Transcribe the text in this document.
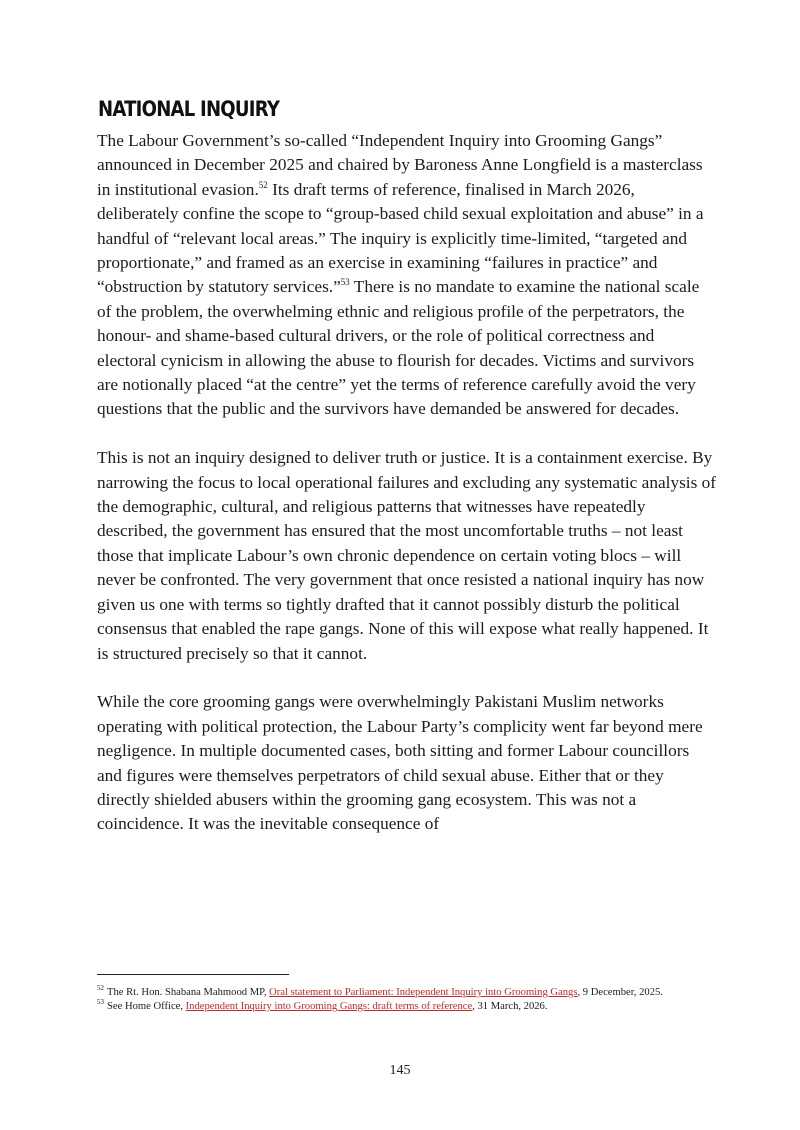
NATIONAL INQUIRY

The Labour Government’s so-called “Independent Inquiry into Grooming Gangs” announced in December 2025 and chaired by Baroness Anne Longfield is a masterclass in institutional evasion.$^{52}$ Its draft terms of reference, finalised in March 2026, deliberately confine the scope to “group-based child sexual exploitation and abuse” in a handful of “relevant local areas.” The inquiry is explicitly time-limited, “targeted and proportionate,” and framed as an exercise in examining “failures in practice” and “obstruction by statutory services.”$^{53}$ There is no mandate to examine the national scale of the problem, the overwhelming ethnic and religious profile of the perpetrators, the honour- and shame-based cultural drivers, or the role of political correctness and electoral cynicism in allowing the abuse to flourish for decades. Victims and survivors are notionally placed “at the centre” yet the terms of reference carefully avoid the very questions that the public and the survivors have demanded be answered for decades.

This is not an inquiry designed to deliver truth or justice. It is a containment exercise. By narrowing the focus to local operational failures and excluding any systematic analysis of the demographic, cultural, and religious patterns that witnesses have repeatedly described, the government has ensured that the most uncomfortable truths – not least those that implicate Labour’s own chronic dependence on certain voting blocs – will never be confronted. The very government that once resisted a national inquiry has now given us one with terms so tightly drafted that it cannot possibly disturb the political consensus that enabled the rape gangs. None of this will expose what really happened. It is structured precisely so that it cannot.

While the core grooming gangs were overwhelmingly Pakistani Muslim networks operating with political protection, the Labour Party’s complicity went far beyond mere negligence. In multiple documented cases, both sitting and former Labour councillors and figures were themselves perpetrators of child sexual abuse. Either that or they directly shielded abusers within the grooming gang ecosystem. This was not a coincidence. It was the inevitable consequence of

$^{52}$ The Rt. Hon. Shabana Mahmood MP, Oral statement to Parliament: Independent Inquiry into Grooming Gangs, 9 December, 2025.

$^{53}$ See Home Office, Independent Inquiry into Grooming Gangs: draft terms of reference, 31 March, 2026.

145
